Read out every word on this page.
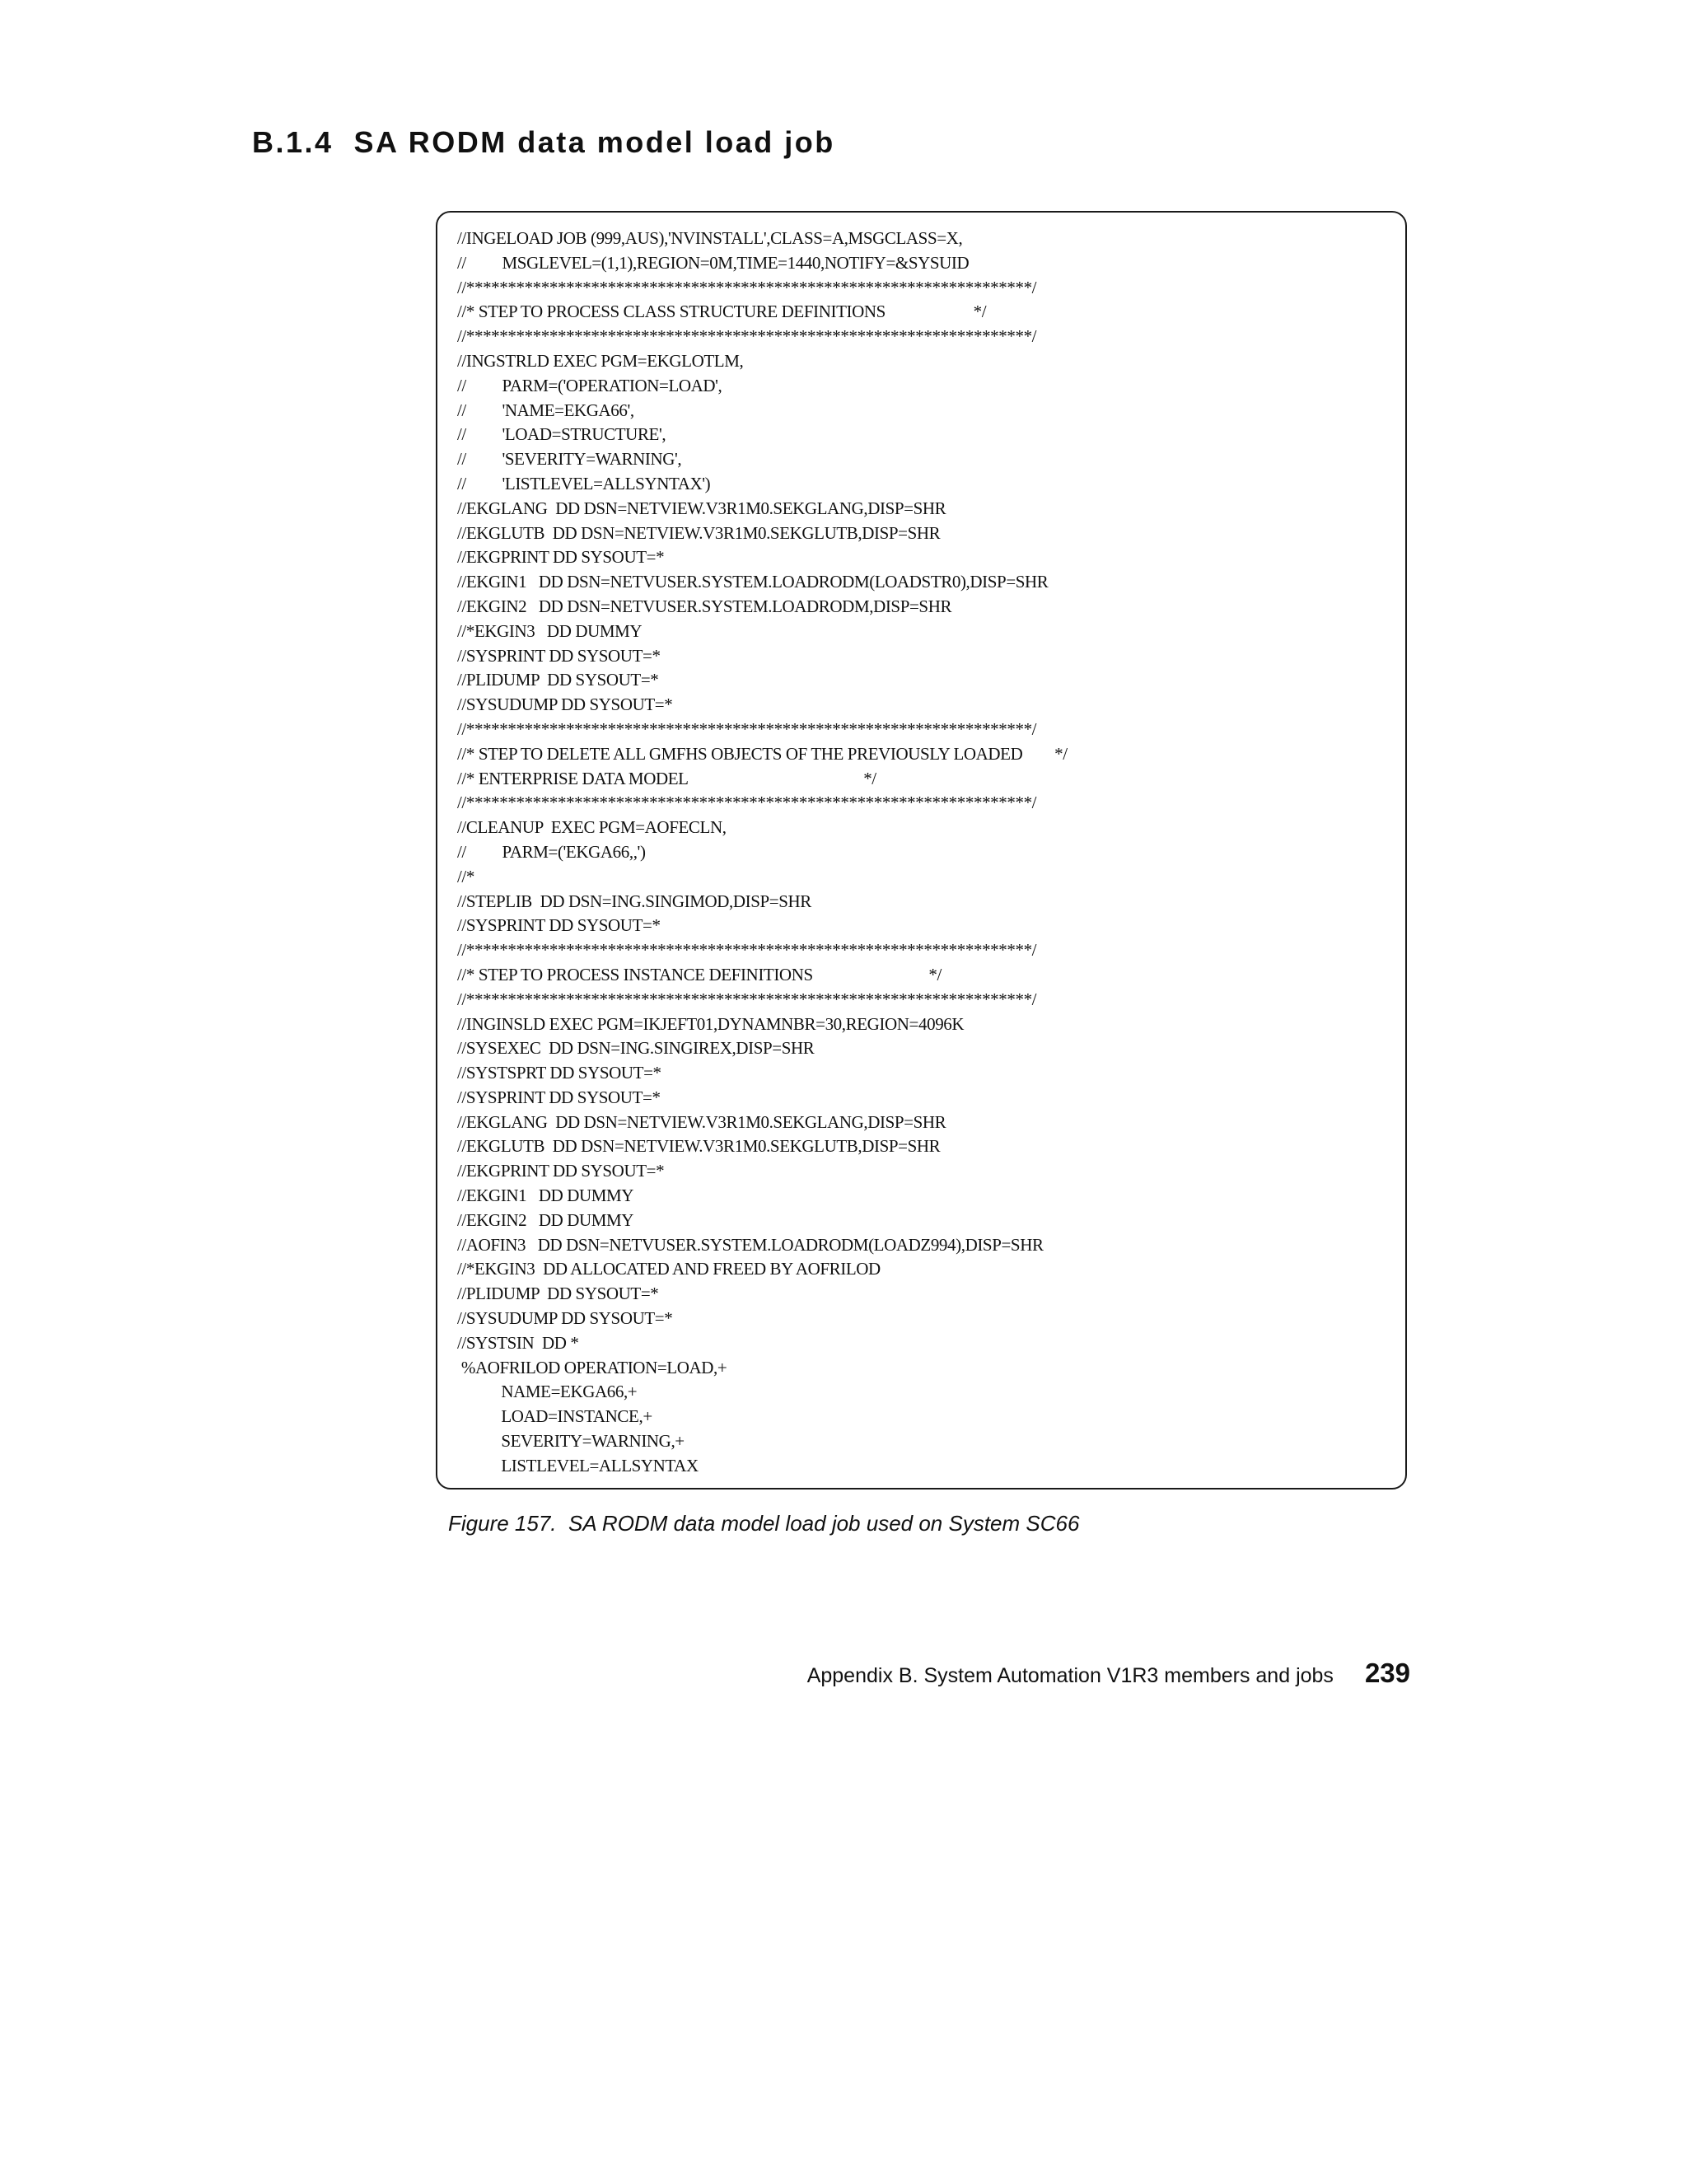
B.1.4  SA RODM data model load job
//INGELOAD JOB (999,AUS),'NVINSTALL',CLASS=A,MSGCLASS=X,
//         MSGLEVEL=(1,1),REGION=0M,TIME=1440,NOTIFY=&SYSUID
//********************************************************************/
//* STEP TO PROCESS CLASS STRUCTURE DEFINITIONS                      */
//********************************************************************/
//INGSTRLD EXEC PGM=EKGLOTLM,
//         PARM=('OPERATION=LOAD',
//         'NAME=EKGA66',
//         'LOAD=STRUCTURE',
//         'SEVERITY=WARNING',
//         'LISTLEVEL=ALLSYNTAX')
//EKGLANG  DD DSN=NETVIEW.V3R1M0.SEKGLANG,DISP=SHR
//EKGLUTB  DD DSN=NETVIEW.V3R1M0.SEKGLUTB,DISP=SHR
//EKGPRINT DD SYSOUT=*
//EKGIN1   DD DSN=NETVUSER.SYSTEM.LOADRODM(LOADSTR0),DISP=SHR
//EKGIN2   DD DSN=NETVUSER.SYSTEM.LOADRODM,DISP=SHR
//*EKGIN3   DD DUMMY
//SYSPRINT DD SYSOUT=*
//PLIDUMP  DD SYSOUT=*
//SYSUDUMP DD SYSOUT=*
//********************************************************************/
//* STEP TO DELETE ALL GMFHS OBJECTS OF THE PREVIOUSLY LOADED        */
//* ENTERPRISE DATA MODEL                                            */
//********************************************************************/
//CLEANUP  EXEC PGM=AOFECLN,
//         PARM=('EKGA66,,')
//*
//STEPLIB  DD DSN=ING.SINGIMOD,DISP=SHR
//SYSPRINT DD SYSOUT=*
//********************************************************************/
//* STEP TO PROCESS INSTANCE DEFINITIONS                             */
//********************************************************************/
//INGINSLD EXEC PGM=IKJEFT01,DYNAMNBR=30,REGION=4096K
//SYSEXEC  DD DSN=ING.SINGIREX,DISP=SHR
//SYSTSPRT DD SYSOUT=*
//SYSPRINT DD SYSOUT=*
//EKGLANG  DD DSN=NETVIEW.V3R1M0.SEKGLANG,DISP=SHR
//EKGLUTB  DD DSN=NETVIEW.V3R1M0.SEKGLUTB,DISP=SHR
//EKGPRINT DD SYSOUT=*
//EKGIN1   DD DUMMY
//EKGIN2   DD DUMMY
//AOFIN3   DD DSN=NETVUSER.SYSTEM.LOADRODM(LOADZ994),DISP=SHR
//*EKGIN3  DD ALLOCATED AND FREED BY AOFRILOD
//PLIDUMP  DD SYSOUT=*
//SYSUDUMP DD SYSOUT=*
//SYSTSIN  DD *
%AOFRILOD OPERATION=LOAD,+
NAME=EKGA66,+
LOAD=INSTANCE,+
SEVERITY=WARNING,+
LISTLEVEL=ALLSYNTAX

Figure 157.  SA RODM data model load job used on System SC66

Appendix B. System Automation V1R3 members and jobs 239
